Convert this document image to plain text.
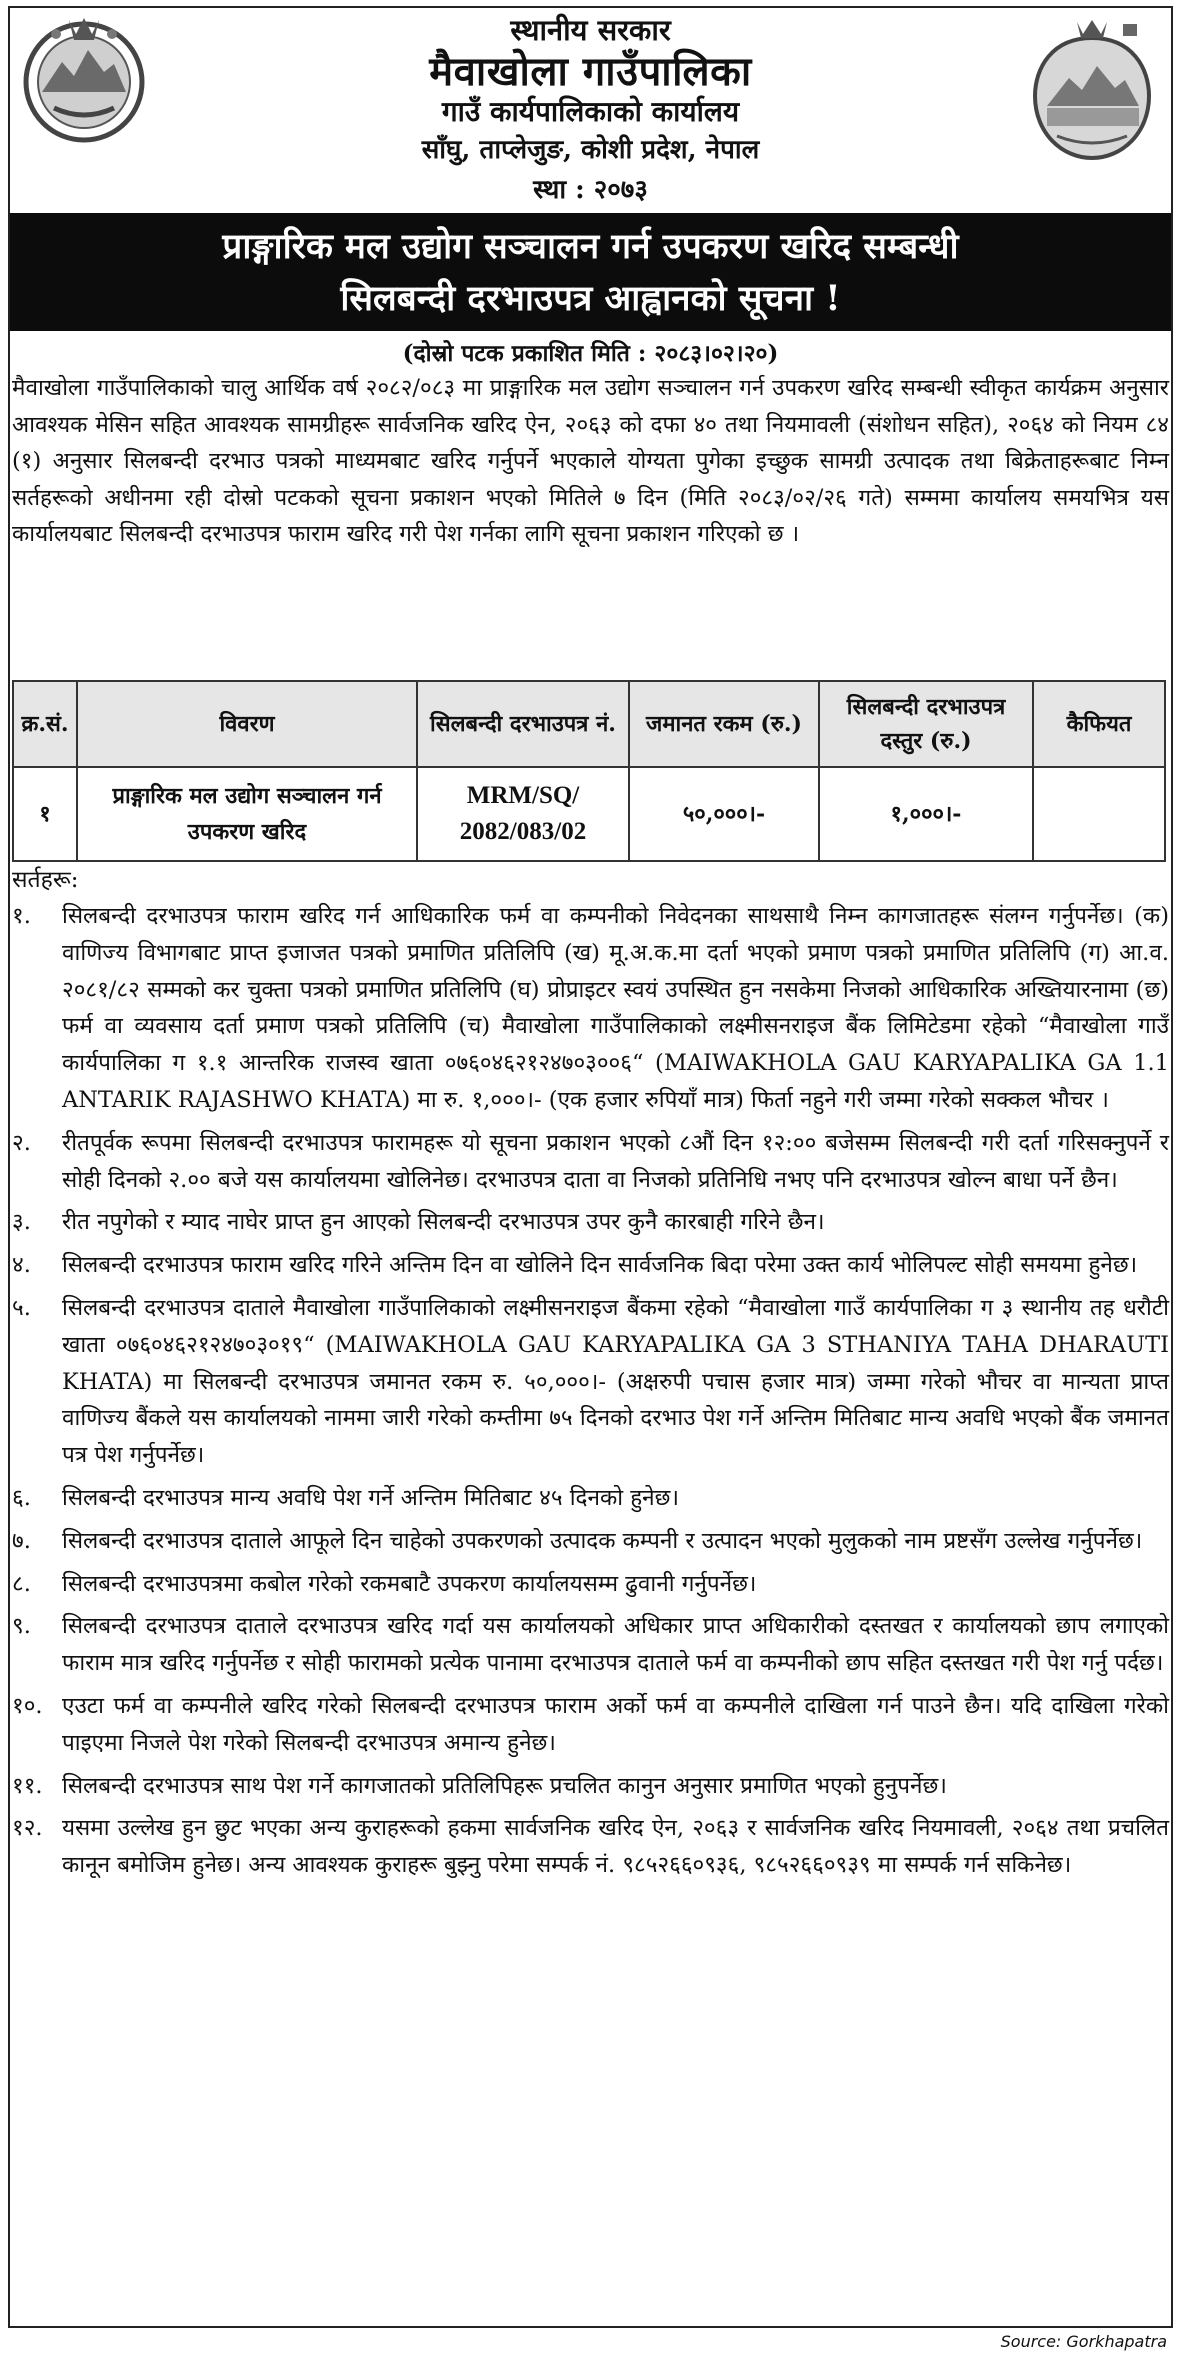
स्थानीय सरकार
मैवाखोला गाउँपालिका
गाउँ कार्यपालिकाको कार्यालय
साँघु, ताप्लेजुङ, कोशी प्रदेश, नेपाल
स्था : २०७३
प्राङ्गारिक मल उद्योग सञ्चालन गर्न उपकरण खरिद सम्बन्धी
सिलबन्दी दरभाउपत्र आह्वानको सूचना !
(दोस्रो पटक प्रकाशित मिति : २०८३।०२।२०)
मैवाखोला गाउँपालिकाको चालु आर्थिक वर्ष २०८२/०८३ मा प्राङ्गारिक मल उद्योग सञ्चालन गर्न उपकरण खरिद सम्बन्धी स्वीकृत कार्यक्रम अनुसार आवश्यक मेसिन सहित आवश्यक सामग्रीहरू सार्वजनिक खरिद ऐन, २०६३ को दफा ४० तथा नियमावली (संशोधन सहित), २०६४ को नियम ८४ (१) अनुसार सिलबन्दी दरभाउ पत्रको माध्यमबाट खरिद गर्नुपर्ने भएकाले योग्यता पुगेका इच्छुक सामग्री उत्पादक तथा बिक्रेताहरूबाट निम्न सर्तहरूको अधीनमा रही दोस्रो पटकको सूचना प्रकाशन भएको मितिले ७ दिन (मिति २०८३/०२/२६ गते) सम्ममा कार्यालय समयभित्र यस कार्यालयबाट सिलबन्दी दरभाउपत्र फाराम खरिद गरी पेश गर्नका लागि सूचना प्रकाशन गरिएको छ ।
क्र.सं.	विवरण	सिलबन्दी दरभाउपत्र नं.	जमानत रकम (रु.)	सिलबन्दी दरभाउपत्र दस्तुर (रु.)	कैफियत
१	प्राङ्गारिक मल उद्योग सञ्चालन गर्न उपकरण खरिद	MRM/SQ/ 2082/083/02	५०,०००।-	१,०००।-	
सर्तहरू:
१.	सिलबन्दी दरभाउपत्र फाराम खरिद गर्न आधिकारिक फर्म वा कम्पनीको निवेदनका साथसाथै निम्न कागजातहरू संलग्न गर्नुपर्नेछ। (क) वाणिज्य विभागबाट प्राप्त इजाजत पत्रको प्रमाणित प्रतिलिपि (ख) मू.अ.क.मा दर्ता भएको प्रमाण पत्रको प्रमाणित प्रतिलिपि (ग) आ.व. २०८१/८२ सम्मको कर चुक्ता पत्रको प्रमाणित प्रतिलिपि (घ) प्रोप्राइटर स्वयं उपस्थित हुन नसकेमा निजको आधिकारिक अख्तियारनामा (छ) फर्म वा व्यवसाय दर्ता प्रमाण पत्रको प्रतिलिपि (च) मैवाखोला गाउँपालिकाको लक्ष्मीसनराइज बैंक लिमिटेडमा रहेको “मैवाखोला गाउँ कार्यपालिका ग १.१ आन्तरिक राजस्व खाता ०७६०४६२१२४७०३००६“ (MAIWAKHOLA GAU KARYAPALIKA GA 1.1 ANTARIK RAJASHWO KHATA) मा रु. १,०००।- (एक हजार रुपियाँ मात्र) फिर्ता नहुने गरी जम्मा गरेको सक्कल भौचर ।
२.	रीतपूर्वक रूपमा सिलबन्दी दरभाउपत्र फारामहरू यो सूचना प्रकाशन भएको ८औं दिन १२:०० बजेसम्म सिलबन्दी गरी दर्ता गरिसक्नुपर्ने र सोही दिनको २.०० बजे यस कार्यालयमा खोलिनेछ। दरभाउपत्र दाता वा निजको प्रतिनिधि नभए पनि दरभाउपत्र खोल्न बाधा पर्ने छैन।
३.	रीत नपुगेको र म्याद नाघेर प्राप्त हुन आएको सिलबन्दी दरभाउपत्र उपर कुनै कारबाही गरिने छैन।
४.	सिलबन्दी दरभाउपत्र फाराम खरिद गरिने अन्तिम दिन वा खोलिने दिन सार्वजनिक बिदा परेमा उक्त कार्य भोलिपल्ट सोही समयमा हुनेछ।
५.	सिलबन्दी दरभाउपत्र दाताले मैवाखोला गाउँपालिकाको लक्ष्मीसनराइज बैंकमा रहेको “मैवाखोला गाउँ कार्यपालिका ग ३ स्थानीय तह धरौटी खाता ०७६०४६२१२४७०३०१९“ (MAIWAKHOLA GAU KARYAPALIKA GA 3 STHANIYA TAHA DHARAUTI KHATA) मा सिलबन्दी दरभाउपत्र जमानत रकम रु. ५०,०००।- (अक्षरुपी पचास हजार मात्र) जम्मा गरेको भौचर वा मान्यता प्राप्त वाणिज्य बैंकले यस कार्यालयको नाममा जारी गरेको कम्तीमा ७५ दिनको दरभाउ पेश गर्ने अन्तिम मितिबाट मान्य अवधि भएको बैंक जमानत पत्र पेश गर्नुपर्नेछ।
६.	सिलबन्दी दरभाउपत्र मान्य अवधि पेश गर्ने अन्तिम मितिबाट ४५ दिनको हुनेछ।
७.	सिलबन्दी दरभाउपत्र दाताले आफूले दिन चाहेको उपकरणको उत्पादक कम्पनी र उत्पादन भएको मुलुकको नाम प्रष्टसँग उल्लेख गर्नुपर्नेछ।
८.	सिलबन्दी दरभाउपत्रमा कबोल गरेको रकमबाटै उपकरण कार्यालयसम्म ढुवानी गर्नुपर्नेछ।
९.	सिलबन्दी दरभाउपत्र दाताले दरभाउपत्र खरिद गर्दा यस कार्यालयको अधिकार प्राप्त अधिकारीको दस्तखत र कार्यालयको छाप लगाएको फाराम मात्र खरिद गर्नुपर्नेछ र सोही फारामको प्रत्येक पानामा दरभाउपत्र दाताले फर्म वा कम्पनीको छाप सहित दस्तखत गरी पेश गर्नु पर्दछ।
१०. एउटा फर्म वा कम्पनीले खरिद गरेको सिलबन्दी दरभाउपत्र फाराम अर्को फर्म वा कम्पनीले दाखिला गर्न पाउने छैन। यदि दाखिला गरेको पाइएमा निजले पेश गरेको सिलबन्दी दरभाउपत्र अमान्य हुनेछ।
११. सिलबन्दी दरभाउपत्र साथ पेश गर्ने कागजातको प्रतिलिपिहरू प्रचलित कानुन अनुसार प्रमाणित भएको हुनुपर्नेछ।
१२. यसमा उल्लेख हुन छुट भएका अन्य कुराहरूको हकमा सार्वजनिक खरिद ऐन, २०६३ र सार्वजनिक खरिद नियमावली, २०६४ तथा प्रचलित कानून बमोजिम हुनेछ। अन्य आवश्यक कुराहरू बुझ्नु परेमा सम्पर्क नं. ९८५२६६०९३६, ९८५२६६०९३९ मा सम्पर्क गर्न सकिनेछ।
Source: Gorkhapatra
